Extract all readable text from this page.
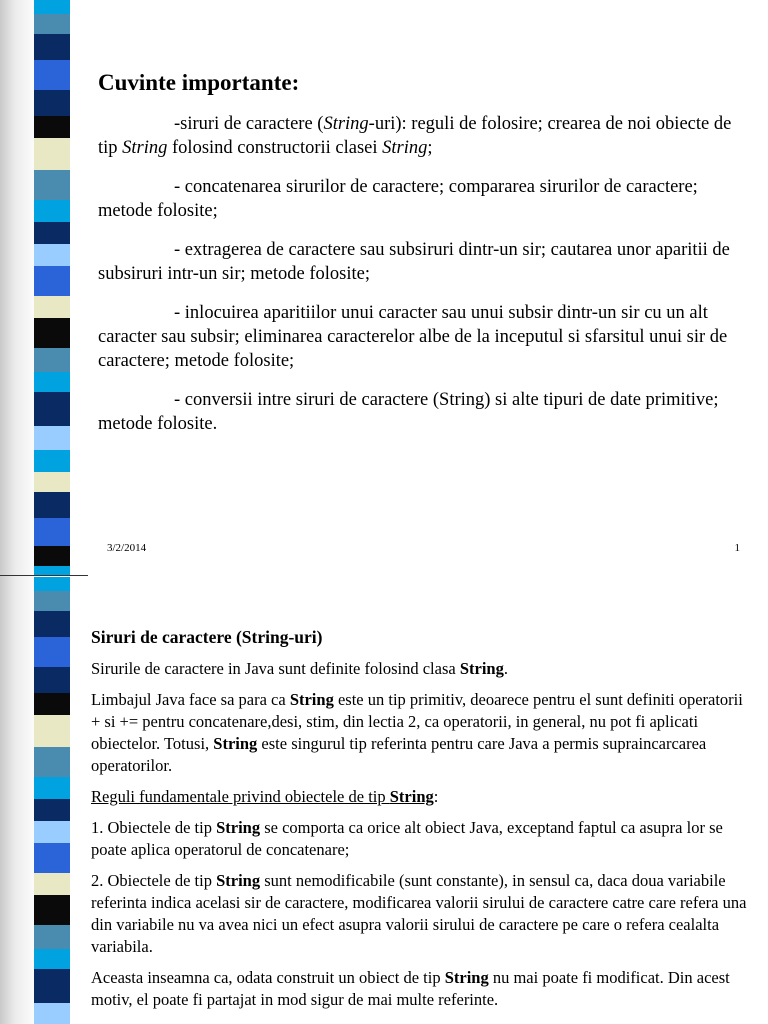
Cuvinte importante:

-siruri de caractere (String-uri): reguli de folosire; crearea de noi obiecte de tip String folosind constructorii clasei String;

- concatenarea sirurilor de caractere; compararea sirurilor de caractere; metode folosite;

- extragerea de caractere sau subsiruri dintr-un sir; cautarea unor aparitii de subsiruri intr-un sir; metode folosite;

- inlocuirea aparitiilor unui caracter sau unui subsir dintr-un sir cu un alt caracter sau subsir; eliminarea caracterelor albe de la inceputul si sfarsitul unui sir de caractere; metode folosite;

- conversii intre siruri de caractere (String) si alte tipuri de date primitive; metode folosite.

3/2/2014	1

Siruri de caractere (String-uri)

Sirurile de caractere in Java sunt definite folosind clasa String.

Limbajul Java face sa para ca String este un tip primitiv, deoarece pentru el sunt definiti operatorii + si += pentru concatenare,desi, stim, din lectia 2, ca operatorii, in general, nu pot fi aplicati obiectelor. Totusi, String este singurul tip referinta pentru care Java a permis supraincarcarea operatorilor.

Reguli fundamentale privind obiectele de tip String:

1. Obiectele de tip String se comporta ca orice alt obiect Java, exceptand faptul ca asupra lor se poate aplica operatorul de concatenare;

2. Obiectele de tip String sunt nemodificabile (sunt constante), in sensul ca, daca doua variabile referinta indica acelasi sir de caractere, modificarea valorii sirului de caractere catre care refera una din variabile nu va avea nici un efect asupra valorii sirului de caractere pe care o refera cealalta variabila.

Aceasta inseamna ca, odata construit un obiect de tip String nu mai poate fi modificat. Din acest motiv, el poate fi partajat in mod sigur de mai multe referinte.
